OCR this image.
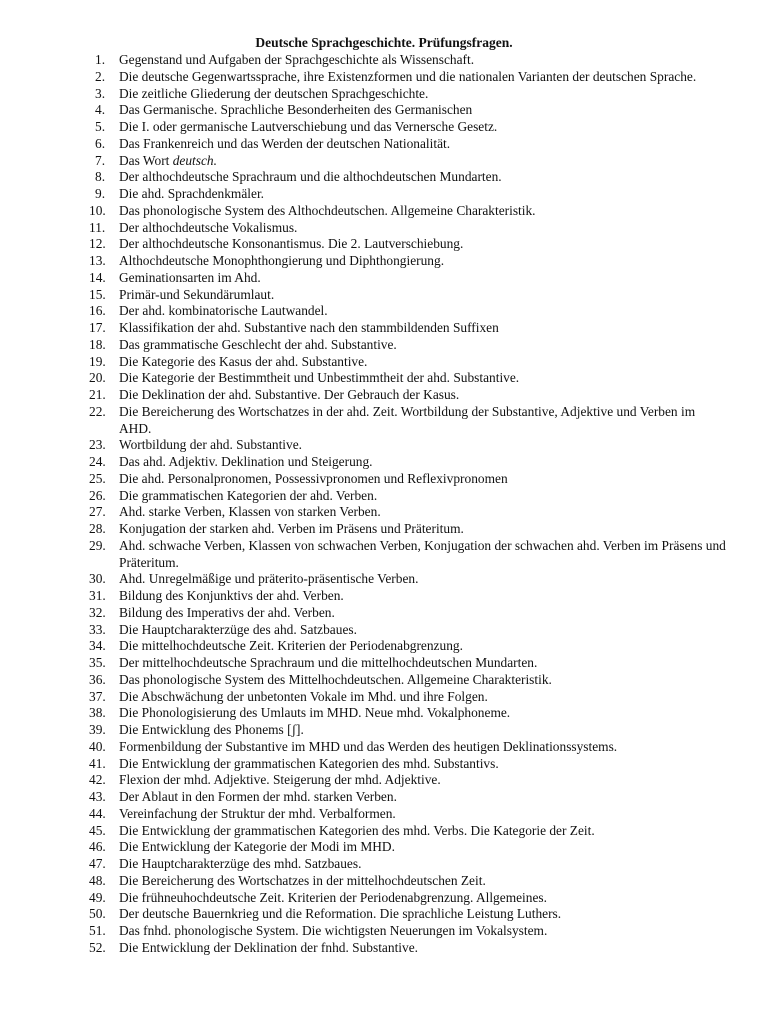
Deutsche Sprachgeschichte. Prüfungsfragen.
1. Gegenstand und Aufgaben der Sprachgeschichte als Wissenschaft.
2. Die deutsche Gegenwartssprache, ihre Existenzformen und die nationalen Varianten der deutschen Sprache.
3. Die zeitliche Gliederung der deutschen Sprachgeschichte.
4. Das Germanische. Sprachliche Besonderheiten des Germanischen
5. Die I. oder germanische Lautverschiebung und das Vernersche Gesetz.
6. Das Frankenreich und das Werden der deutschen Nationalität.
7. Das Wort deutsch.
8. Der althochdeutsche Sprachraum und die althochdeutschen Mundarten.
9. Die ahd. Sprachdenkmäler.
10. Das phonologische System des Althochdeutschen. Allgemeine Charakteristik.
11. Der althochdeutsche Vokalismus.
12. Der althochdeutsche Konsonantismus. Die 2. Lautverschiebung.
13. Althochdeutsche Monophthongierung und Diphthongierung.
14. Geminationsarten im Ahd.
15. Primär-und Sekundärumlaut.
16. Der ahd. kombinatorische Lautwandel.
17. Klassifikation der ahd. Substantive nach den stammbildenden Suffixen
18. Das grammatische Geschlecht der ahd. Substantive.
19. Die Kategorie des Kasus der ahd. Substantive.
20. Die Kategorie der Bestimmtheit und Unbestimmtheit der ahd. Substantive.
21. Die Deklination der ahd. Substantive. Der Gebrauch der Kasus.
22. Die Bereicherung des Wortschatzes in der ahd. Zeit. Wortbildung der Substantive, Adjektive und Verben im AHD.
23. Wortbildung der ahd. Substantive.
24. Das ahd. Adjektiv. Deklination und Steigerung.
25. Die ahd. Personalpronomen, Possessivpronomen und Reflexivpronomen
26. Die grammatischen Kategorien der ahd. Verben.
27. Ahd. starke Verben, Klassen von starken Verben.
28. Konjugation der starken ahd. Verben im Präsens und Präteritum.
29. Ahd. schwache Verben, Klassen von schwachen Verben, Konjugation der schwachen ahd. Verben im Präsens und Präteritum.
30. Ahd. Unregelmäßige und präterito-präsentische Verben.
31. Bildung des Konjunktivs der ahd. Verben.
32. Bildung des Imperativs der ahd. Verben.
33. Die Hauptcharakterzüge des ahd. Satzbaues.
34. Die mittelhochdeutsche Zeit. Kriterien der Periodenabgrenzung.
35. Der mittelhochdeutsche Sprachraum und die mittelhochdeutschen Mundarten.
36. Das phonologische System des Mittelhochdeutschen. Allgemeine Charakteristik.
37. Die Abschwächung der unbetonten Vokale im Mhd. und ihre Folgen.
38. Die Phonologisierung des Umlauts im MHD. Neue mhd. Vokalphoneme.
39. Die Entwicklung des Phonems [ʃ].
40. Formenbildung der Substantive im MHD und das Werden des heutigen Deklinationssystems.
41. Die Entwicklung der grammatischen Kategorien des mhd. Substantivs.
42. Flexion der mhd. Adjektive. Steigerung der mhd. Adjektive.
43. Der Ablaut in den Formen der mhd. starken Verben.
44. Vereinfachung der Struktur der mhd. Verbalformen.
45. Die Entwicklung der grammatischen Kategorien des mhd. Verbs. Die Kategorie der Zeit.
46. Die Entwicklung der Kategorie der Modi im MHD.
47. Die Hauptcharakterzüge des mhd. Satzbaues.
48. Die Bereicherung des Wortschatzes in der mittelhochdeutschen Zeit.
49. Die frühneuhochdeutsche Zeit. Kriterien der Periodenabgrenzung. Allgemeines.
50. Der deutsche Bauernkrieg und die Reformation. Die sprachliche Leistung Luthers.
51. Das fnhd. phonologische System. Die wichtigsten Neuerungen im Vokalsystem.
52. Die Entwicklung der Deklination der fnhd. Substantive.
